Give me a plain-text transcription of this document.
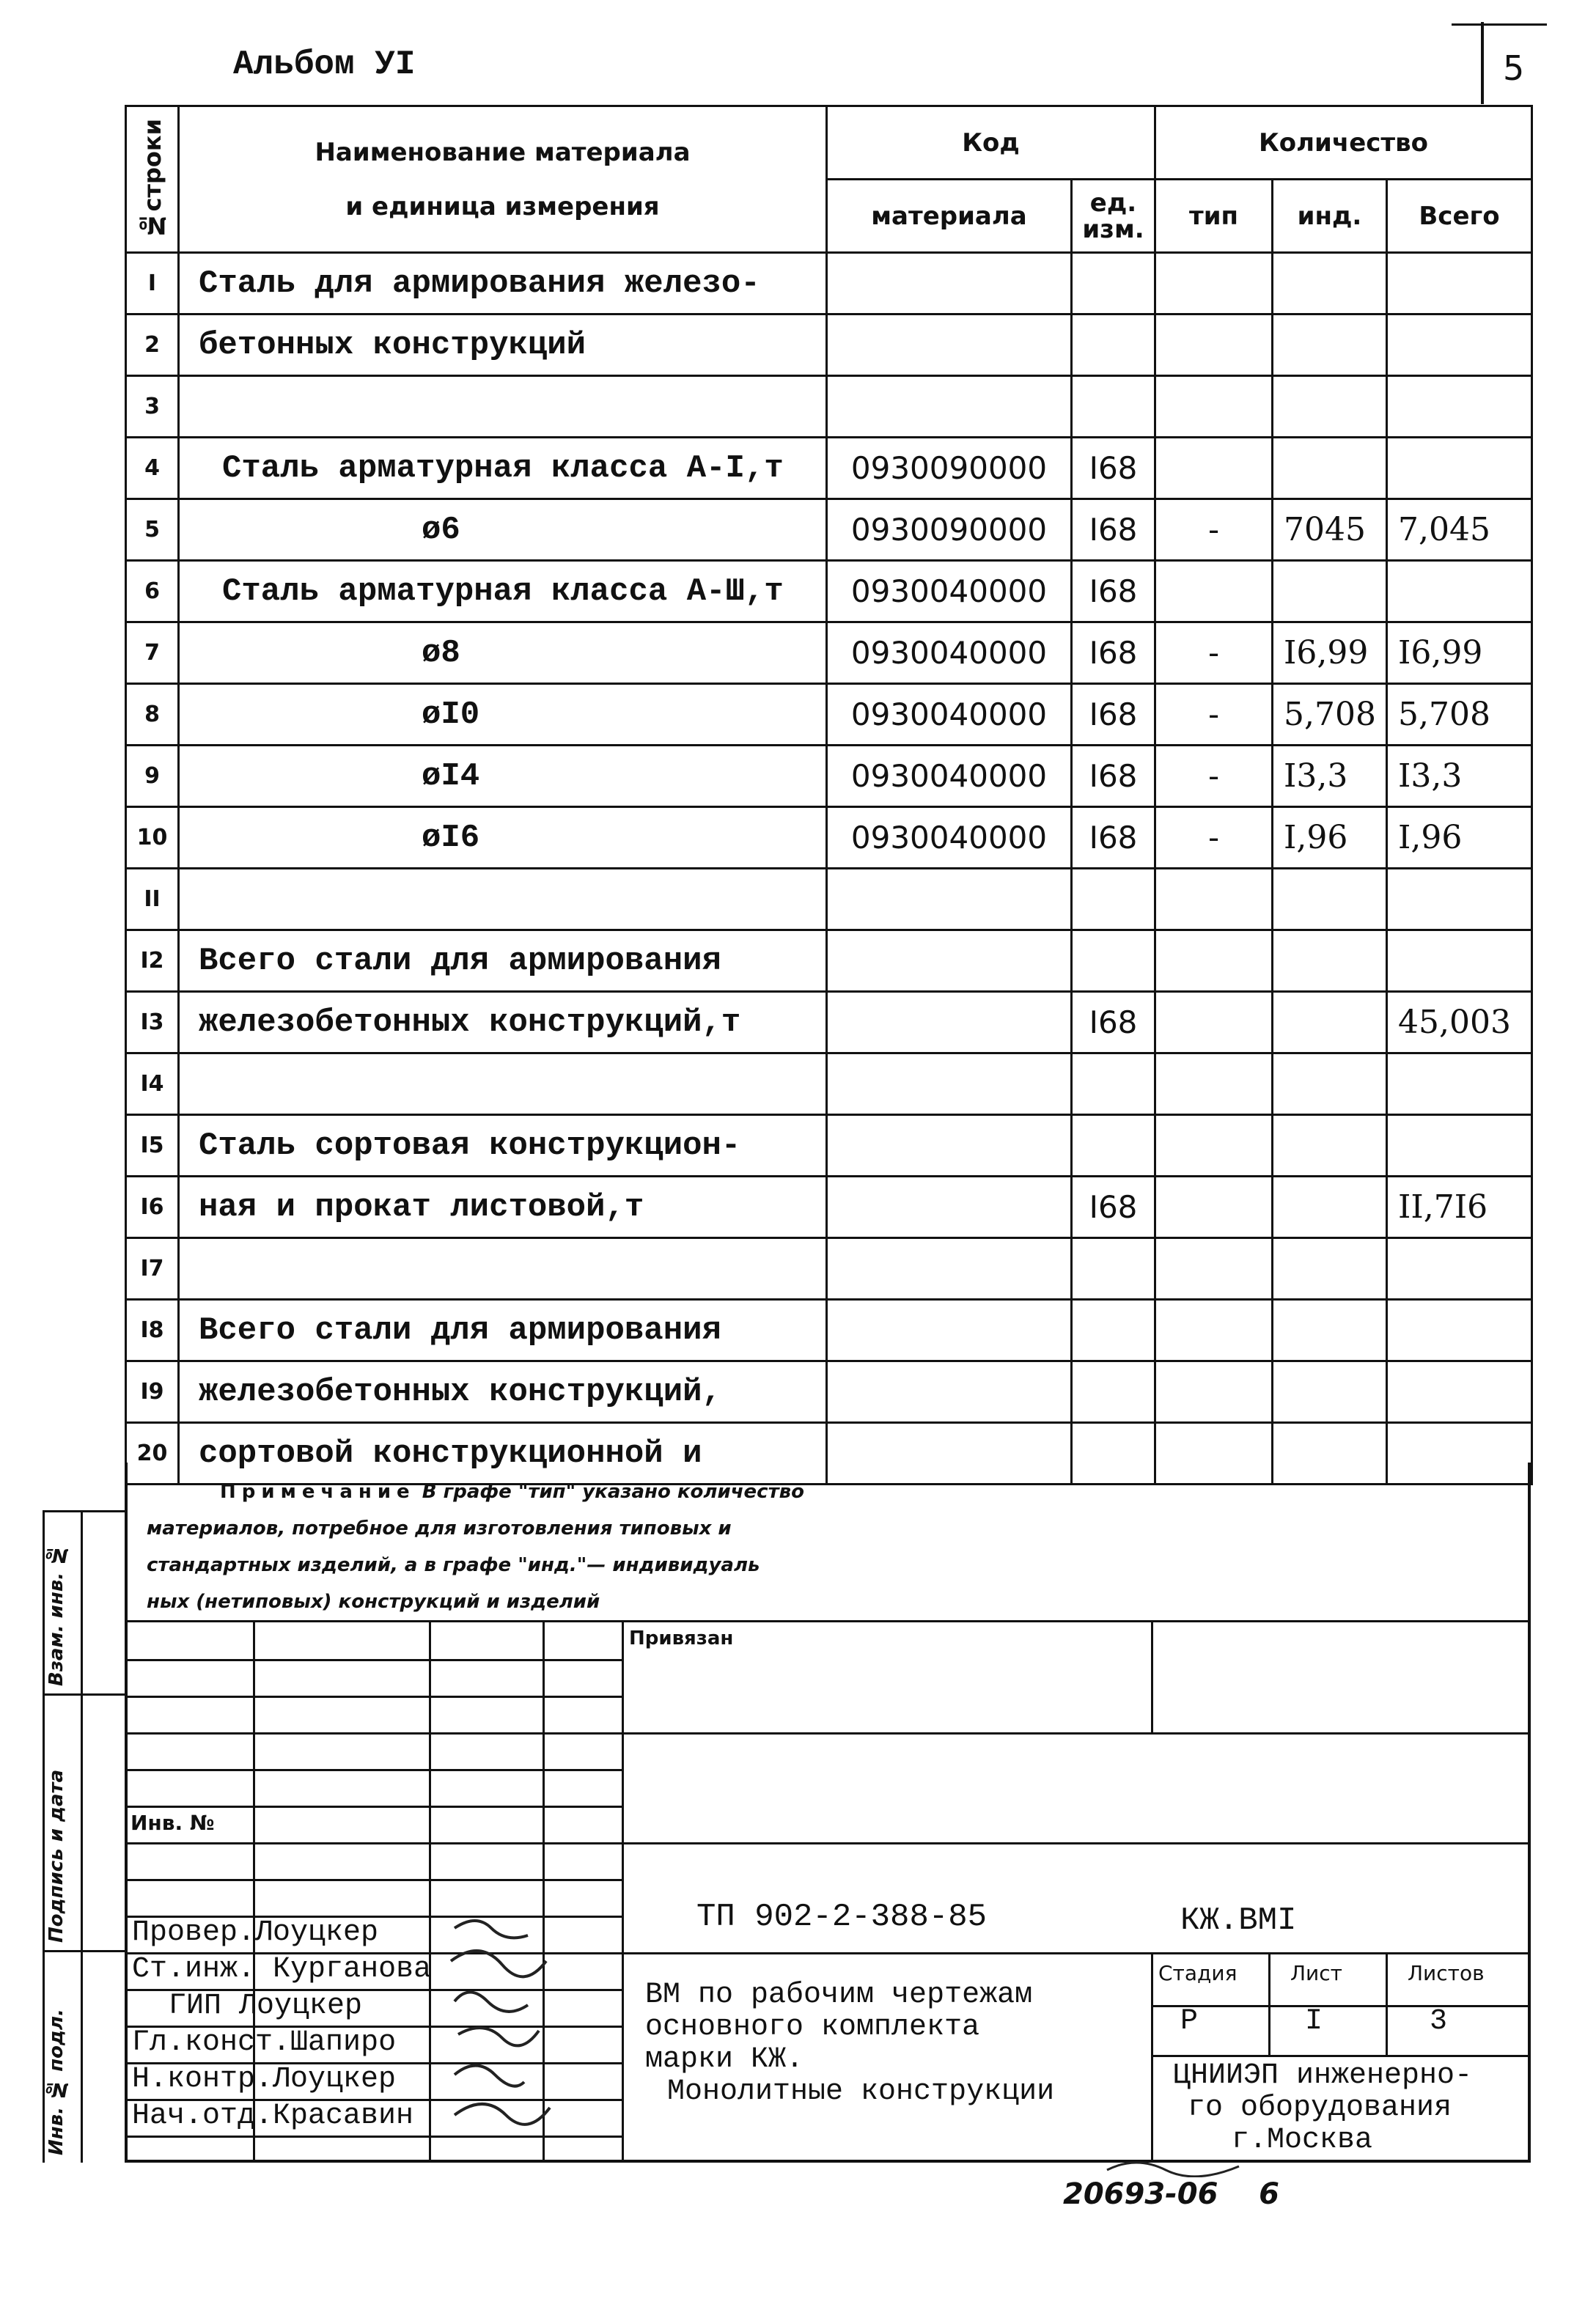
Альбом УI	5
№строки	Наименование материала
и единица измерения	Код		Количество		
		материала	ед. изм.	тип	инд.	Всего
I	Сталь для армирования железо-					
2	бетонных конструкций					
3						
4	Сталь арматурная класса А-I,т	0930090000	I68			
5	ø6	0930090000	I68	-	7045	7,045
6	Сталь арматурная класса А-Ш,т	0930040000	I68			
7	ø8	0930040000	I68	-	I6,99	I6,99
8	øI0	0930040000	I68	-	5,708	5,708
9	øI4	0930040000	I68	-	I3,3	I3,3
10	øI6	0930040000	I68	-	I,96	I,96
II						
I2	Всего стали для армирования					
I3	железобетонных конструкций,т		I68			45,003
I4						
I5	Сталь сортовая конструкцион-					
I6	ная и прокат листовой,т		I68			II,7I6
I7						
I8	Всего стали для армирования					
I9	железобетонных конструкций,					
20	сортовой конструкционной и					
Примечание В графе "тип" указано количество
материалов, потребное для изготовления типовых и
стандартных изделий, а в графе "инд."— индивидуаль
ных (нетиповых) конструкций и изделий
Привязан
Инв. №
ТП 902-2-388-85	КЖ.ВМI
ВМ по рабочим чертежам
основного комплекта
марки КЖ.
Монолитные конструкции
Стадия	Лист	Листов
Р	I	3
ЦНИИЭП инженерно-
го оборудования
г.Москва
Провер.Лоуцкер
Ст.инж. Курганова
ГИП Лоуцкер
Гл.конст.Шапиро
Н.контр.Лоуцкер
Нач.отд.Красавин
Взам. инв. №
Подпись и дата
Инв. № подл.
20693-06 6
